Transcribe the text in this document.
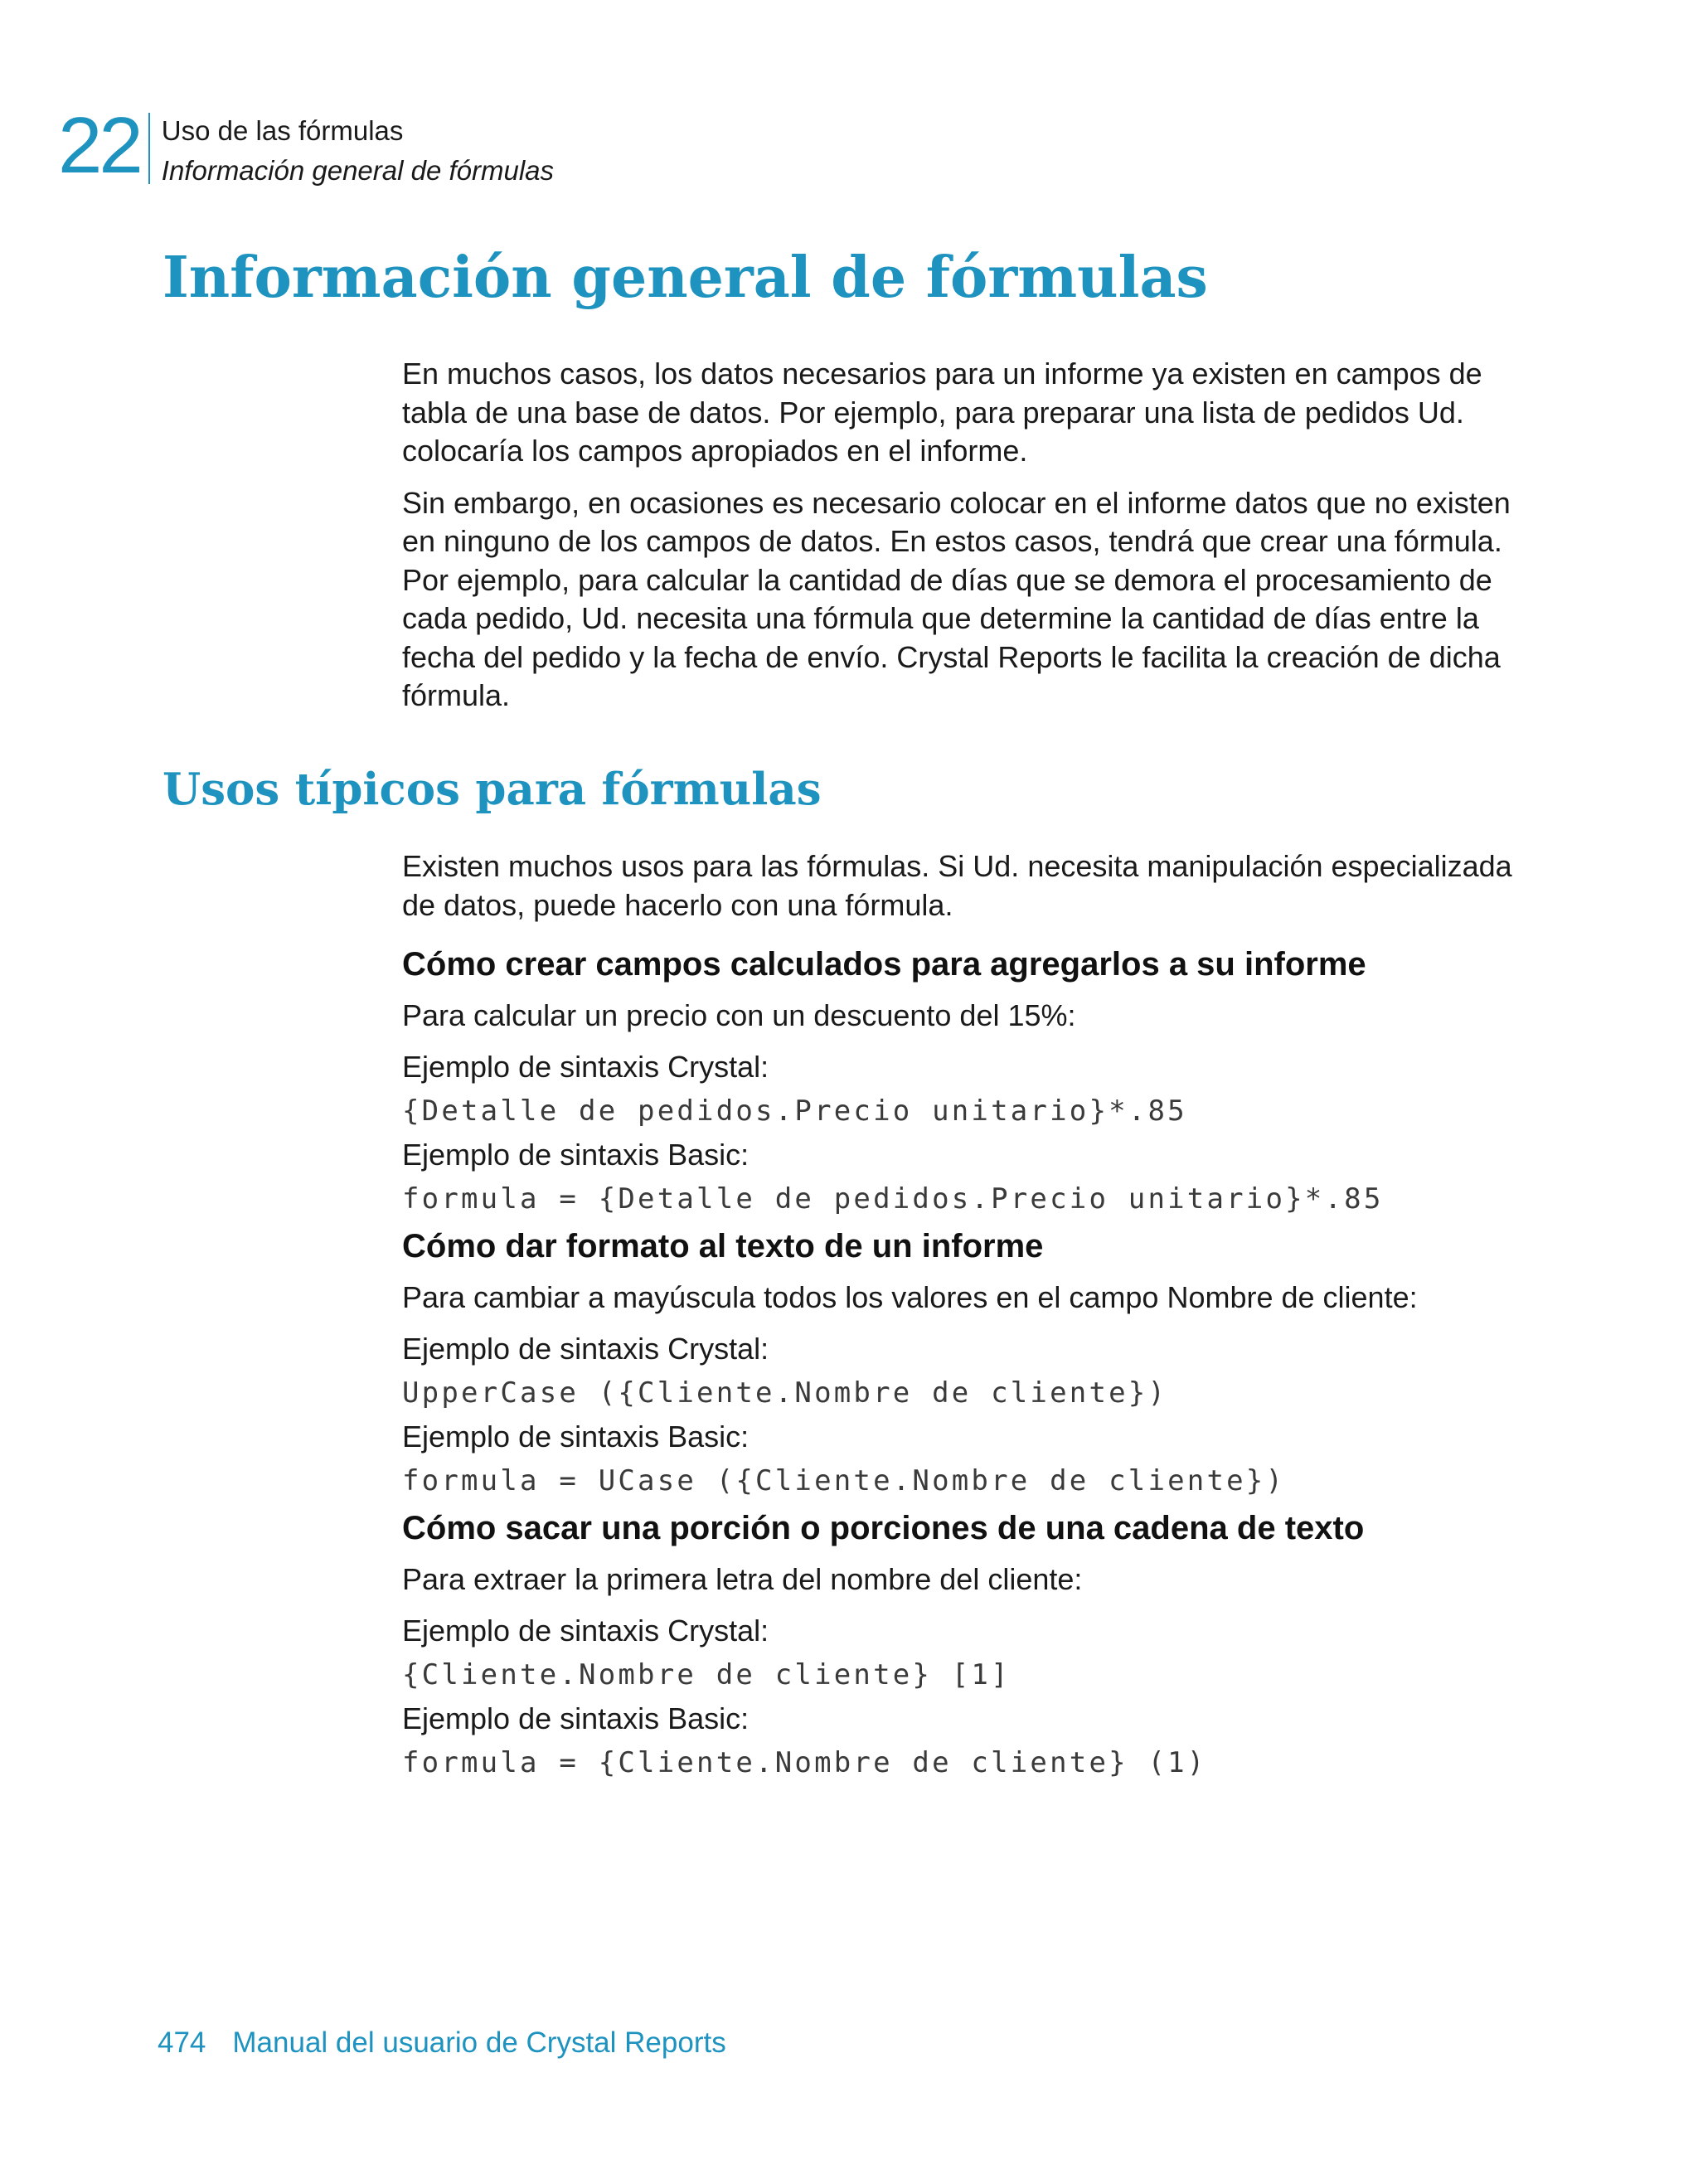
22 Uso de las fórmulas
Información general de fórmulas
Información general de fórmulas

En muchos casos, los datos necesarios para un informe ya existen en campos de tabla de una base de datos. Por ejemplo, para preparar una lista de pedidos Ud. colocaría los campos apropiados en el informe.

Sin embargo, en ocasiones es necesario colocar en el informe datos que no existen en ninguno de los campos de datos. En estos casos, tendrá que crear una fórmula. Por ejemplo, para calcular la cantidad de días que se demora el procesamiento de cada pedido, Ud. necesita una fórmula que determine la cantidad de días entre la fecha del pedido y la fecha de envío. Crystal Reports le facilita la creación de dicha fórmula.

Usos típicos para fórmulas

Existen muchos usos para las fórmulas. Si Ud. necesita manipulación especializada de datos, puede hacerlo con una fórmula.

Cómo crear campos calculados para agregarlos a su informe

Para calcular un precio con un descuento del 15%:

Ejemplo de sintaxis Crystal:

{Detalle de pedidos.Precio unitario}*.85

Ejemplo de sintaxis Basic:

formula = {Detalle de pedidos.Precio unitario}*.85

Cómo dar formato al texto de un informe

Para cambiar a mayúscula todos los valores en el campo Nombre de cliente:

Ejemplo de sintaxis Crystal:

UpperCase ({Cliente.Nombre de cliente})

Ejemplo de sintaxis Basic:

formula = UCase ({Cliente.Nombre de cliente})

Cómo sacar una porción o porciones de una cadena de texto

Para extraer la primera letra del nombre del cliente:

Ejemplo de sintaxis Crystal:

{Cliente.Nombre de cliente} [1]

Ejemplo de sintaxis Basic:

formula = {Cliente.Nombre de cliente} (1)

474 Manual del usuario de Crystal Reports
